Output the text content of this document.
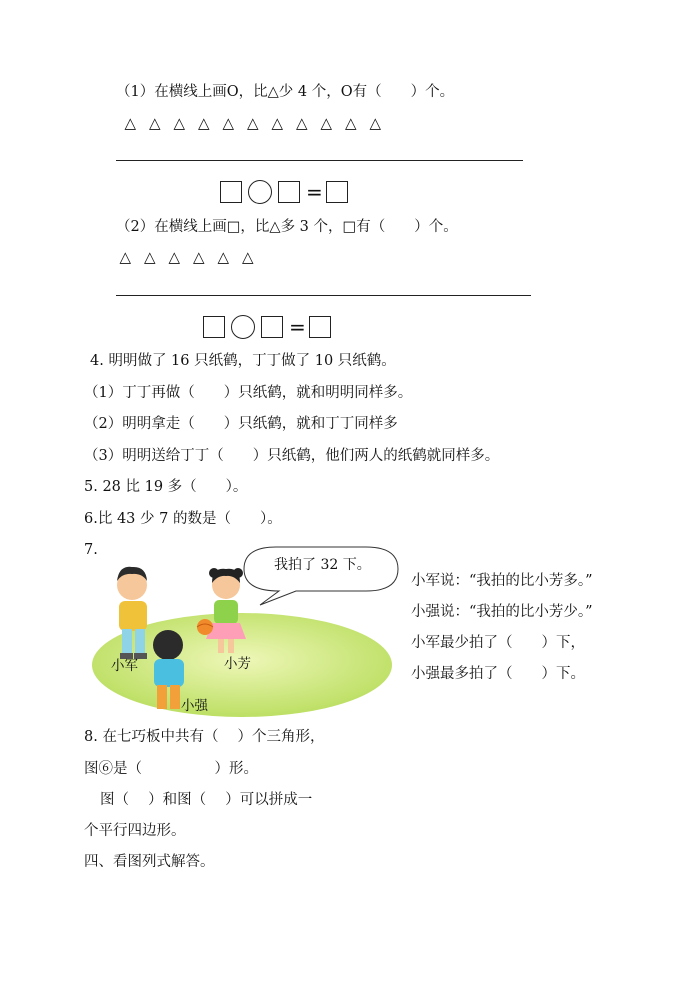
（1）在横线上画O，比△少 4 个，O有（　　）个。
△ △ △ △ △ △ △ △ △ △ △
=
（2）在横线上画□，比△多 3 个，□有（　　）个。
△ △ △ △ △ △
=
4. 明明做了 16 只纸鹤，丁丁做了 10 只纸鹤。
（1）丁丁再做（　　）只纸鹤，就和明明同样多。
（2）明明拿走（　　）只纸鹤，就和丁丁同样多
（3）明明送给丁丁（　　）只纸鹤，他们两人的纸鹤就同样多。
5. 28 比 19 多（　　）。
6.比 43 少 7 的数是（　　）。
7.
我拍了 32 下。
小军	小芳
小强
小军说：“我拍的比小芳多。”
小强说：“我拍的比小芳少。”
小军最少拍了（　　）下，
小强最多拍了（　　）下。
8. 在七巧板中共有（　 ）个三角形，
图⑥是（　　　　　）形。
图（　 ）和图（　 ）可以拼成一
个平行四边形。
四、看图列式解答。
